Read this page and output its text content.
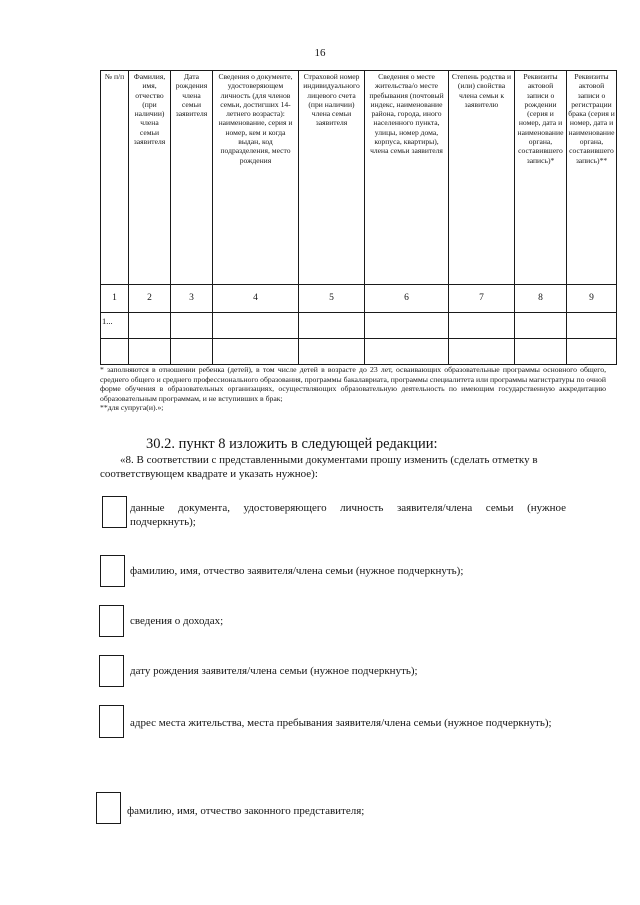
16
№ п/п	Фамилия, имя, отчество (при наличии) члена семьи заявителя	Дата рождения члена семьи заявителя	Сведения о документе, удостоверяющем личность (для членов семьи, достигших 14-летнего возраста): наименование, серия и номер, кем и когда выдан, код подразделения, место рождения	Страховой номер индивидуального лицевого счета (при наличии) члена семьи заявителя	Сведения о месте жительства/о месте пребывания (почтовый индекс, наименование района, города, иного населенного пункта, улицы, номер дома, корпуса, квартиры), члена семьи заявителя	Степень родства и (или) свойства члена семьи к заявителю	Реквизиты актовой записи о рождении (серия и номер, дата и наименование органа, составившего запись)*	Реквизиты актовой записи о регистрации брака (серия и номер, дата и наименование органа, составившего запись)**
1	2	3	4	5	6	7	8	9
1...								

* заполняются в отношении ребенка (детей), в том числе детей в возрасте до 23 лет, осваивающих образовательные программы основного общего, среднего общего и среднего профессионального образования, программы бакалавриата, программы специалитета или программы магистратуры по очной форме обучения в образовательных организациях, осуществляющих образовательную деятельность по имеющим государственную аккредитацию образовательным программам, и не вступивших в брак;
**для супруга(и).»;
30.2. пункт 8 изложить в следующей редакции:
«8. В соответствии с представленными документами прошу изменить (сделать отметку в соответствующем квадрате и указать нужное):
данные документа, удостоверяющего личность заявителя/члена семьи (нужное подчеркнуть);
фамилию, имя, отчество заявителя/члена семьи (нужное подчеркнуть);
сведения о доходах;
дату рождения заявителя/члена семьи (нужное подчеркнуть);
адрес места жительства, места пребывания заявителя/члена семьи (нужное подчеркнуть);
фамилию, имя, отчество законного представителя;
